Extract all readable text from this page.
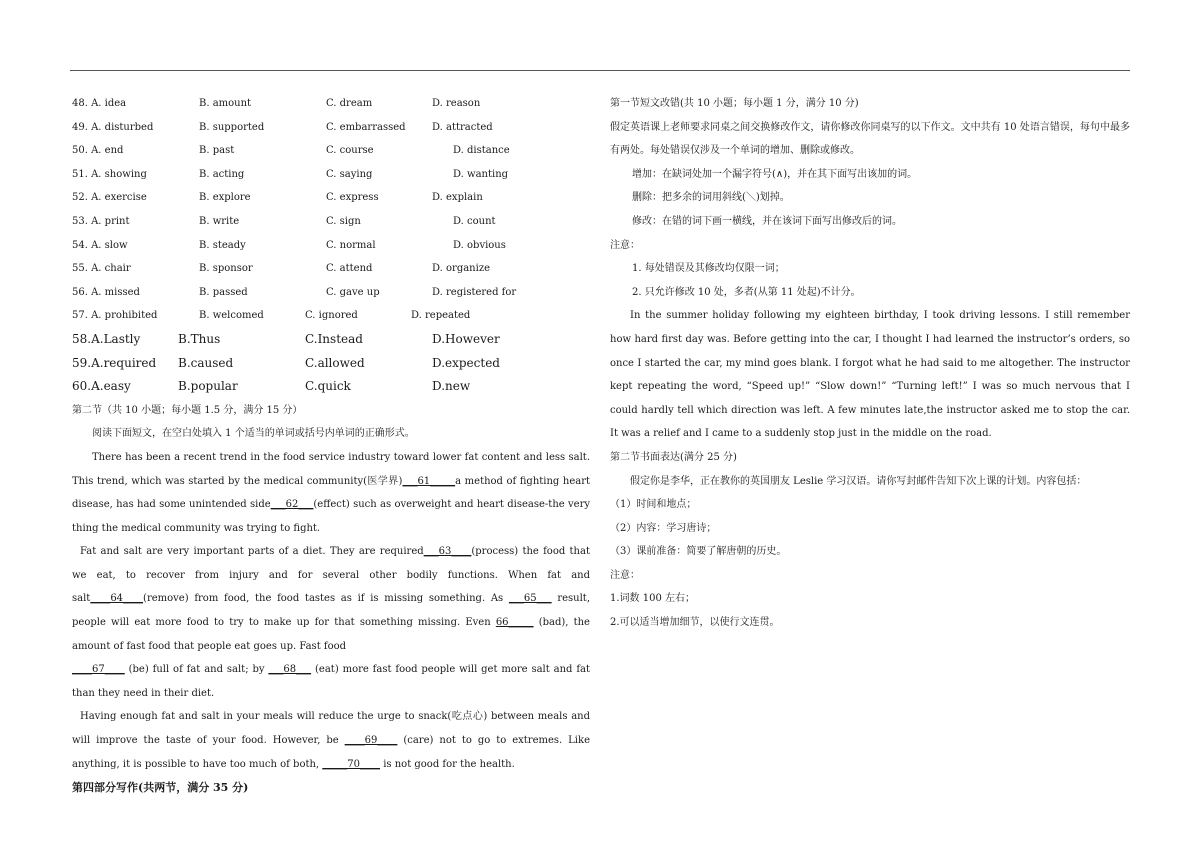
48. A. idea	B. amount	C. dream	D. reason
49. A. disturbed	B. supported	C. embarrassed	D. attracted
50. A. end	B. past	C. course	D. distance
51. A. showing	B. acting	C. saying	D. wanting
52. A. exercise	B. explore	C. express	D. explain
53. A. print	B. write	C. sign	D. count
54. A. slow	B. steady	C. normal	D. obvious
55. A. chair	B. sponsor	C. attend	D. organize
56. A. missed	B. passed	C. gave up	D. registered for
57. A. prohibited	B. welcomed	C. ignored	D. repeated
58.A.Lastly	B.Thus	C.Instead	D.However
59.A.required B.caused	C.allowed	D.expected
60.A.easy	B.popular	C.quick	D.new

第二节（共 10 小题；每小题 1.5 分，满分 15 分）

阅读下面短文，在空白处填入 1 个适当的单词或括号内单词的正确形式。

There has been a recent trend in the food service industry toward lower fat content and less salt. This trend, which was started by the medical community(医学界)___61_____a method of fighting heart disease, has had some unintended side___62___(effect) such as overweight and heart disease-the very thing the medical community was trying to fight.

Fat and salt are very important parts of a diet. They are required___63____(process) the food that we eat, to recover from injury and for several other bodily functions. When fat and salt____64____(remove) from food, the food tastes as if is missing something. As ___65___ result, people will eat more food to try to make up for that something missing. Even 66_____ (bad), the amount of fast food that people eat goes up. Fast food

____67____ (be) full of fat and salt; by ___68___ (eat) more fast food people will get more salt and fat than they need in their diet.

Having enough fat and salt in your meals will reduce the urge to snack(吃点心) between meals and will improve the taste of your food. However, be ____69____ (care) not to go to extremes. Like anything, it is possible to have too much of both, _____70____ is not good for the health.

第四部分写作(共两节，满分 35 分)

第一节短文改错(共 10 小题；每小题 1 分，满分 10 分)

假定英语课上老师要求同桌之间交换修改作文，请你修改你同桌写的以下作文。文中共有 10 处语言错误，每句中最多有两处。每处错误仅涉及一个单词的增加、删除或修改。

增加：在缺词处加一个漏字符号(∧)，并在其下面写出该加的词。

删除：把多余的词用斜线(＼)划掉。

修改：在错的词下画一横线，并在该词下面写出修改后的词。

注意：

1. 每处错误及其修改均仅限一词；

2. 只允许修改 10 处，多者(从第 11 处起)不计分。

In the summer holiday following my eighteen birthday, I took driving lessons. I still remember how hard first day was. Before getting into the car, I thought I had learned the instructor’s orders, so once I started the car, my mind goes blank. I forgot what he had said to me altogether. The instructor kept repeating the word, “Speed up!” “Slow down!” “Turning left!” I was so much nervous that I could hardly tell which direction was left. A few minutes late,the instructor asked me to stop the car. It was a relief and I came to a suddenly stop just in the middle on the road.

第二节书面表达(满分 25 分)

假定你是李华，正在教你的英国朋友 Leslie 学习汉语。请你写封邮件告知下次上课的计划。内容包括：

（1）时间和地点；

（2）内容：学习唐诗；

（3）课前准备：简要了解唐朝的历史。

注意：

1.词数 100 左右；

2.可以适当增加细节，以使行文连贯。
